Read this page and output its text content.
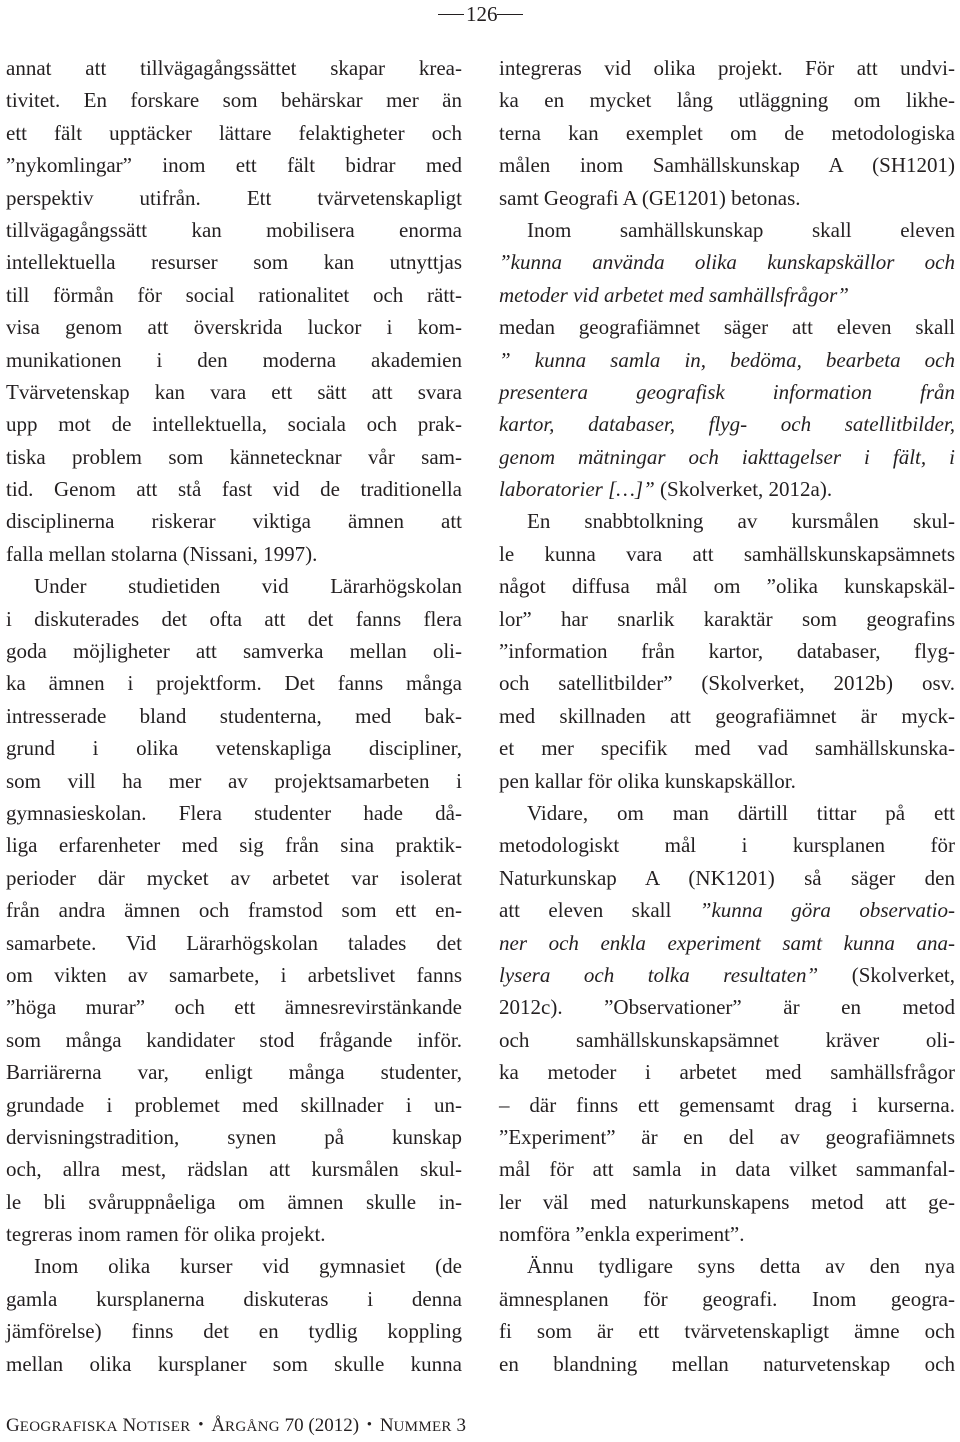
126
annat att tillvägagångssättet skapar krea-
tivitet. En forskare som behärskar mer än
ett fält upptäcker lättare felaktigheter och
”nykomlingar” inom ett fält bidrar med
perspektiv utifrån. Ett tvärvetenskapligt
tillvägagångssätt kan mobilisera enorma
intellektuella resurser som kan utnyttjas
till förmån för social rationalitet och rätt-
visa genom att överskrida luckor i kom-
munikationen i den moderna akademien
Tvärvetenskap kan vara ett sätt att svara
upp mot de intellektuella, sociala och prak-
tiska problem som kännetecknar vår sam-
tid. Genom att stå fast vid de traditionella
disciplinerna riskerar viktiga ämnen att
falla mellan stolarna (Nissani, 1997).
Under studietiden vid Lärarhögskolan
i diskuterades det ofta att det fanns flera
goda möjligheter att samverka mellan oli-
ka ämnen i projektform. Det fanns många
intresserade bland studenterna, med bak-
grund i olika vetenskapliga discipliner,
som vill ha mer av projektsamarbeten i
gymnasieskolan. Flera studenter hade då-
liga erfarenheter med sig från sina praktik-
perioder där mycket av arbetet var isolerat
från andra ämnen och framstod som ett en-
samarbete. Vid Lärarhögskolan talades det
om vikten av samarbete, i arbetslivet fanns
”höga murar” och ett ämnesrevirstänkande
som många kandidater stod frågande inför.
Barriärerna var, enligt många studenter,
grundade i problemet med skillnader i un-
dervisningstradition, synen på kunskap
och, allra mest, rädslan att kursmålen skul-
le bli svåruppnåeliga om ämnen skulle in-
tegreras inom ramen för olika projekt.
Inom olika kurser vid gymnasiet (de
gamla kursplanerna diskuteras i denna
jämförelse) finns det en tydlig koppling
mellan olika kursplaner som skulle kunna
integreras vid olika projekt. För att undvi-
ka en mycket lång utläggning om likhe-
terna kan exemplet om de metodologiska
målen inom Samhällskunskap A (SH1201)
samt Geografi A (GE1201) betonas.
Inom samhällskunskap skall eleven
”kunna använda olika kunskapskällor och
metoder vid arbetet med samhällsfrågor”
medan geografiämnet säger att eleven skall
” kunna samla in, bedöma, bearbeta och
presentera geografisk information från
kartor, databaser, flyg- och satellitbilder,
genom mätningar och iakttagelser i fält, i
laboratorier […]” (Skolverket, 2012a).
En snabbtolkning av kursmålen skul-
le kunna vara att samhällskunskapsämnets
något diffusa mål om ”olika kunskapskäl-
lor” har snarlik karaktär som geografins
”information från kartor, databaser, flyg-
och satellitbilder” (Skolverket, 2012b) osv.
med skillnaden att geografiämnet är myck-
et mer specifik med vad samhällskunska-
pen kallar för olika kunskapskällor.
Vidare, om man därtill tittar på ett
metodologiskt mål i kursplanen för
Naturkunskap A (NK1201) så säger den
att eleven skall ”kunna göra observatio-
ner och enkla experiment samt kunna ana-
lysera och tolka resultaten” (Skolverket,
2012c). ”Observationer” är en metod
och samhällskunskapsämnet kräver oli-
ka metoder i arbetet med samhällsfrågor
– där finns ett gemensamt drag i kurserna.
”Experiment” är en del av geografiämnets
mål för att samla in data vilket sammanfal-
ler väl med naturkunskapens metod att ge-
nomföra ”enkla experiment”.
Ännu tydligare syns detta av den nya
ämnesplanen för geografi. Inom geogra-
fi som är ett tvärvetenskapligt ämne och
en blandning mellan naturvetenskap och
GEOGRAFISKA NOTISER • ÅRGÅNG 70 (2012) • NUMMER 3
